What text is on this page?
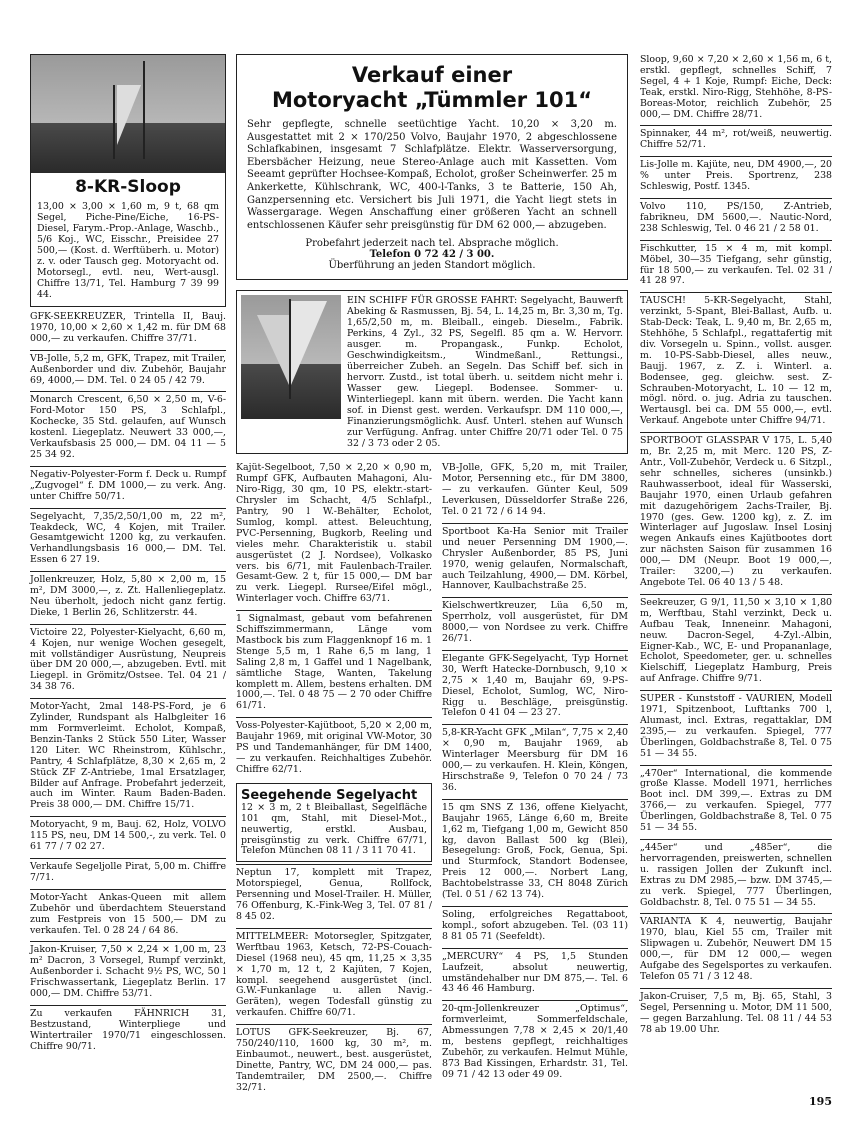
8-KR-Sloop
13,00 × 3,00 × 1,60 m, 9 t, 68 qm Segel, Piche-Pine/Eiche, 16-PS-Diesel, Farym.-Prop.-Anlage, Waschb., 5/6 Koj., WC, Eisschr., Preisidee 27 500,— (Kost. d. Werftüberh. u. Motor) z. v. oder Tausch geg. Motoryacht od. Motorsegl., evtl. neu, Wert-ausgl. Chiffre 13/71, Tel. Hamburg 7 39 99 44.
GFK-SEEKREUZER, Trintella II, Bauj. 1970, 10,00 × 2,60 × 1,42 m. für DM 68 000,— zu verkaufen. Chiffre 37/71.
VB-Jolle, 5,2 m, GFK, Trapez, mit Trailer, Außenborder und div. Zubehör, Baujahr 69, 4000,— DM. Tel. 0 24 05 / 42 79.
Monarch Crescent, 6,50 × 2,50 m, V-6-Ford-Motor 150 PS, 3 Schlafpl., Kochecke, 35 Std. gelaufen, auf Wunsch kostenl. Liegeplatz. Neuwert 33 000,—, Verkaufsbasis 25 000,— DM. 04 11 — 5 25 34 92.
Negativ-Polyester-Form f. Deck u. Rumpf „Zugvogel“ f. DM 1000,— zu verk. Ang. unter Chiffre 50/71.
Segelyacht, 7,35/2,50/1,00 m, 22 m², Teakdeck, WC, 4 Kojen, mit Trailer. Gesamtgewicht 1200 kg, zu verkaufen. Verhandlungsbasis 16 000,— DM. Tel. Essen 6 27 19.
Jollenkreuzer, Holz, 5,80 × 2,00 m, 15 m², DM 3000,—, z. Zt. Hallenliegeplatz. Neu überholt, jedoch nicht ganz fertig. Dieke, 1 Berlin 26, Schlitzerstr. 44.
Victoire 22, Polyester-Kielyacht, 6,60 m, 4 Kojen, nur wenige Wochen gesegelt, mit vollständiger Ausrüstung, Neupreis über DM 20 000,—, abzugeben. Evtl. mit Liegepl. in Grömitz/Ostsee. Tel. 04 21 / 34 38 76.
Motor-Yacht, 2mal 148-PS-Ford, je 6 Zylinder, Rundspant als Halbgleiter 16 mm Formverleimt. Echolot, Kompaß, Benzin-Tanks 2 Stück 550 Liter, Wasser 120 Liter. WC Rheinstrom, Kühlschr., Pantry, 4 Schlafplätze, 8,30 × 2,65 m, 2 Stück ZF Z-Antriebe, 1mal Ersatzlager, Bilder auf Anfrage. Probefahrt jederzeit, auch im Winter. Raum Baden-Baden. Preis 38 000,— DM. Chiffre 15/71.
Motoryacht, 9 m, Bauj. 62, Holz, VOLVO 115 PS, neu, DM 14 500,-, zu verk. Tel. 0 61 77 / 7 02 27.
Verkaufe Segeljolle Pirat, 5,00 m. Chiffre 7/71.
Motor-Yacht Ankas-Queen mit allem Zubehör und überdachtem Steuerstand zum Festpreis von 15 500,— DM zu verkaufen. Tel. 0 28 24 / 64 86.
Jakon-Kruiser, 7,50 × 2,24 × 1,00 m, 23 m² Dacron, 3 Vorsegel, Rumpf verzinkt, Außenborder i. Schacht 9½ PS, WC, 50 l Frischwassertank, Liegeplatz Berlin. 17 000,— DM. Chiffre 53/71.
Zu verkaufen FÄHNRICH 31, Bestzustand, Winterpliege und Wintertrailer 1970/71 eingeschlossen. Chiffre 90/71.
Verkauf einer
Motoryacht „Tümmler 101“
Sehr gepflegte, schnelle seetüchtige Yacht. 10,20 × 3,20 m. Ausgestattet mit 2 × 170/250 Volvo, Baujahr 1970, 2 abgeschlossene Schlafkabinen, insgesamt 7 Schlafplätze. Elektr. Wasserversorgung, Ebersbächer Heizung, neue Stereo-Anlage auch mit Kassetten. Vom Seeamt geprüfter Hochsee-Kompaß, Echolot, großer Scheinwerfer. 25 m Ankerkette, Kühlschrank, WC, 400-l-Tanks, 3 te Batterie, 150 Ah, Ganzpersenning etc. Versichert bis Juli 1971, die Yacht liegt stets in Wassergarage. Wegen Anschaffung einer größeren Yacht an schnell entschlossenen Käufer sehr preisgünstig für DM 62 000,— abzugeben.
Probefahrt jederzeit nach tel. Absprache möglich.
Telefon 0 72 42 / 3 00.
Überführung an jeden Standort möglich.
EIN SCHIFF FÜR GROSSE FAHRT: Segelyacht, Bauwerft Abeking & Rasmussen, Bj. 54, L. 14,25 m, Br. 3,30 m, Tg. 1,65/2,50 m, m. Bleiball., eingeb. Dieselm., Fabrik. Perkins, 4 Zyl., 32 PS, Segelfl. 85 qm a. W. Hervorr. ausger. m. Propangask., Funkp. Echolot, Geschwindigkeitsm., Windmeßanl., Rettungsi., überreicher Zubeh. an Segeln. Das Schiff bef. sich in hervorr. Zustd., ist total überh. u. seitdem nicht mehr i. Wasser gew. Liegepl. Bodensee. Sommer- u. Winterliegepl. kann mit übern. werden. Die Yacht kann sof. in Dienst gest. werden. Verkaufspr. DM 110 000,—, Finanzierungsmöglichk. Ausf. Unterl. stehen auf Wunsch zur Verfügung. Anfrag. unter Chiffre 20/71 oder Tel. 0 75 32 / 3 73 oder 2 05.
Kajüt-Segelboot, 7,50 × 2,20 × 0,90 m, Rumpf GFK, Aufbauten Mahagoni, Alu-Niro-Rigg, 30 qm, 10 PS, elektr.-start-Chrysler im Schacht, 4/5 Schlafpl., Pantry, 90 l W.-Behälter, Echolot, Sumlog, kompl. attest. Beleuchtung, PVC-Persenning, Bugkorb, Reeling und vieles mehr. Charakteristik u. stabil ausgerüstet (2 J. Nordsee), Volkasko vers. bis 6/71, mit Faulenbach-Trailer. Gesamt-Gew. 2 t, für 15 000,— DM bar zu verk. Liegepl. Rursee/Eifel mögl., Winterlager voch. Chiffre 63/71.
1 Signalmast, gebaut vom befahrenen Schiffszimmermann, Länge vom Mastbock bis zum Flaggenknopf 16 m. 1 Stenge 5,5 m, 1 Rahe 6,5 m lang, 1 Saling 2,8 m, 1 Gaffel und 1 Nagelbank, sämtliche Stage, Wanten, Takelung komplett m. Allem, bestens erhalten. DM 1000,—. Tel. 0 48 75 — 2 70 oder Chiffre 61/71.
Voss-Polyester-Kajütboot, 5,20 × 2,00 m, Baujahr 1969, mit original VW-Motor, 30 PS und Tandemanhänger, für DM 1400,— zu verkaufen. Reichhaltiges Zubehör. Chiffre 62/71.
Seegehende Segelyacht
12 × 3 m, 2 t Bleiballast, Segelfläche 101 qm, Stahl, mit Diesel-Mot., neuwertig, erstkl. Ausbau, preisgünstig zu verk. Chiffre 67/71, Telefon München 08 11 / 3 11 70 41.
Neptun 17, komplett mit Trapez, Motorspiegel, Genua, Rollfock, Persenning und Mosel-Trailer. H. Müller, 76 Offenburg, K.-Fink-Weg 3, Tel. 07 81 / 8 45 02.
MITTELMEER: Motorsegler, Spitzgater, Werftbau 1963, Ketsch, 72-PS-Couach-Diesel (1968 neu), 45 qm, 11,25 × 3,35 × 1,70 m, 12 t, 2 Kajüten, 7 Kojen, kompl. seegehend ausgerüstet (incl. G.W.-Funkanlage u. allen Navig.-Geräten), wegen Todesfall günstig zu verkaufen. Chiffre 60/71.
LOTUS GFK-Seekreuzer, Bj. 67, 750/240/110, 1600 kg, 30 m², m. Einbaumot., neuwert., best. ausgerüstet, Dinette, Pantry, WC, DM 24 000,— pas. Tandemtrailer, DM 2500,—. Chiffre 32/71.
VB-Jolle, GFK, 5,20 m, mit Trailer, Motor, Persenning etc., für DM 3800,— zu verkaufen. Günter Keul, 509 Leverkusen, Düsseldorfer Straße 226, Tel. 0 21 72 / 6 14 94.
Sportboot Ka-Ha Senior mit Trailer und neuer Persenning DM 1900,—. Chrysler Außenborder, 85 PS, Juni 1970, wenig gelaufen, Normalschaft, auch Teilzahlung, 4900,— DM. Körbel, Hannover, Kaulbachstraße 25.
Kielschwertkreuzer, Lüa 6,50 m, Sperrholz, voll ausgerüstet, für DM 8000,— von Nordsee zu verk. Chiffre 26/71.
Elegante GFK-Segelyacht, Typ Hornet 30, Werft Hatecke-Dornbusch, 9,10 × 2,75 × 1,40 m, Baujahr 69, 9-PS-Diesel, Echolot, Sumlog, WC, Niro-Rigg u. Beschläge, preisgünstig. Telefon 0 41 04 — 23 27.
5,8-KR-Yacht GFK „Milan“, 7,75 × 2,40 × 0,90 m, Baujahr 1969, ab Winterlager Meersburg für DM 16 000,— zu verkaufen. H. Klein, Köngen, Hirschstraße 9, Telefon 0 70 24 / 73 36.
15 qm SNS Z 136, offene Kielyacht, Baujahr 1965, Länge 6,60 m, Breite 1,62 m, Tiefgang 1,00 m, Gewicht 850 kg, davon Ballast 500 kg (Blei), Besegelung: Groß, Fock, Genua, Spi. und Sturmfock, Standort Bodensee, Preis 12 000,—. Norbert Lang, Bachtobelstrasse 33, CH 8048 Zürich (Tel. 0 51 / 62 13 74).
Soling, erfolgreiches Regattaboot, kompl., sofort abzugeben. Tel. (03 11) 8 81 05 71 (Seefeldt).
„MERCURY“ 4 PS, 1,5 Stunden Laufzeit, absolut neuwertig, umständehalber nur DM 875,—. Tel. 6 43 46 46 Hamburg.
20-qm-Jollenkreuzer „Optimus“, formverleimt, Sommerfeldschale, Abmessungen 7,78 × 2,45 × 20/1,40 m, bestens gepflegt, reichhaltiges Zubehör, zu verkaufen. Helmut Mühle, 873 Bad Kissingen, Erhardstr. 31, Tel. 09 71 / 42 13 oder 49 09.
Sloop, 9,60 × 7,20 × 2,60 × 1,56 m, 6 t, erstkl. gepflegt, schnelles Schiff, 7 Segel, 4 + 1 Koje, Rumpf: Eiche, Deck: Teak, erstkl. Niro-Rigg, Stehhöhe, 8-PS-Boreas-Motor, reichlich Zubehör, 25 000,— DM. Chiffre 28/71.
Spinnaker, 44 m², rot/weiß, neuwertig. Chiffre 52/71.
Lis-Jolle m. Kajüte, neu, DM 4900,—, 20 % unter Preis. Sportrenz, 238 Schleswig, Postf. 1345.
Volvo 110, PS/150, Z-Antrieb, fabrikneu, DM 5600,—. Nautic-Nord, 238 Schleswig, Tel. 0 46 21 / 2 58 01.
Fischkutter, 15 × 4 m, mit kompl. Möbel, 30—35 Tiefgang, sehr günstig, für 18 500,— zu verkaufen. Tel. 02 31 / 41 28 97.
TAUSCH! 5-KR-Segelyacht, Stahl, verzinkt, 5-Spant, Blei-Ballast, Aufb. u. Stab-Deck: Teak, L. 9,40 m, Br. 2,65 m, Stehhöhe, 5 Schlafpl., regattafertig mit div. Vorsegeln u. Spinn., vollst. ausger. m. 10-PS-Sabb-Diesel, alles neuw., Baujj. 1967, z. Z. i. Winterl. a. Bodensee, geg. gleichw. sest. Z-Schrauben-Motoryacht, L. 10 — 12 m, mögl. nörd. o. jug. Adria zu tauschen. Wertausgl. bei ca. DM 55 000,—, evtl. Verkauf. Angebote unter Chiffre 94/71.
SPORTBOOT GLASSPAR V 175, L. 5,40 m, Br. 2,25 m, mit Merc. 120 PS, Z-Antr., Voll-Zubehör, Verdeck u. 6 Sitzpl., sehr schnelles, sicheres (unsinkb.) Rauhwasserboot, ideal für Wasserski, Baujahr 1970, einen Urlaub gefahren mit dazugehörigem 2achs-Trailer, Bj. 1970 (ges. Gew. 1200 kg), z. Z. im Winterlager auf Jugoslaw. Insel Losinj wegen Ankaufs eines Kajütbootes dort zur nächsten Saison für zusammen 16 000,— DM (Neupr. Boot 19 000,—, Trailer: 3200,—) zu verkaufen. Angebote Tel. 06 40 13 / 5 48.
Seekreuzer, G 9/1, 11,50 × 3,10 × 1,80 m, Werftbau, Stahl verzinkt, Deck u. Aufbau Teak, Inneneinr. Mahagoni, neuw. Dacron-Segel, 4-Zyl.-Albin, Eigner-Kab., WC, E- und Propananlage, Echolot, Speedometer, ger. u. schnelles Kielschiff, Liegeplatz Hamburg, Preis auf Anfrage. Chiffre 9/71.
SUPER - Kunststoff - VAURIEN, Modell 1971, Spitzenboot, Lufttanks 700 l, Alumast, incl. Extras, regattaklar, DM 2395,— zu verkaufen. Spiegel, 777 Überlingen, Goldbachstraße 8, Tel. 0 75 51 — 34 55.
„470er“ International, die kommende große Klasse. Modell 1971, herrliches Boot incl. DM 399,—. Extras zu DM 3766,— zu verkaufen. Spiegel, 777 Überlingen, Goldbachstraße 8, Tel. 0 75 51 — 34 55.
„445er“ und „485er“, die hervorragenden, preiswerten, schnellen u. rassigen Jollen der Zukunft incl. Extras zu DM 2985,— bzw. DM 3745,— zu verk. Spiegel, 777 Überlingen, Goldbachstr. 8, Tel. 0 75 51 — 34 55.
VARIANTA K 4, neuwertig, Baujahr 1970, blau, Kiel 55 cm, Trailer mit Slipwagen u. Zubehör, Neuwert DM 15 000,—, für DM 12 000,— wegen Aufgabe des Segelsportes zu verkaufen. Telefon 05 71 / 3 12 48.
Jakon-Cruiser, 7,5 m, Bj. 65, Stahl, 3 Segel, Persenning u. Motor, DM 11 500,— gegen Barzahlung. Tel. 08 11 / 44 53 78 ab 19.00 Uhr.
195
